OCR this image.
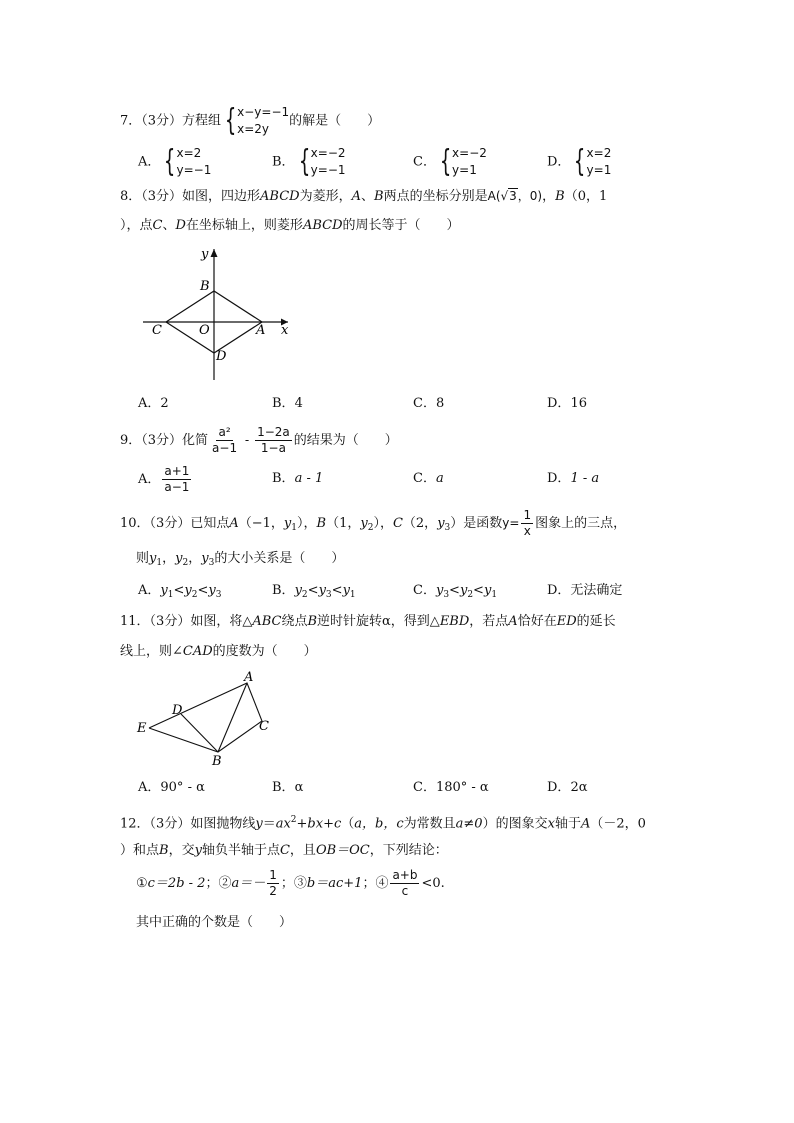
7．（3分）方程组 { x−y=−1
x=2y
的解是（　　）
A． { x=2
y=−1
B． { x=−2
y=−1
C． { x=−2
y=1
D． { x=2
y=1
8．（3分）如图，四边形ABCD为菱形，A、B两点的坐标分别是A(√3，0)，B（0，1
），点C、D在坐标轴上，则菱形ABCD的周长等于（　　）
y
x
B
C	O	A
D
A．2	B．4	C．8	D．16
9．（3分）化简 $\frac{\text{a²}}{a-1} - \frac{1-2a}{1-a}$ 的结果为（　　）
A． $\frac{a+1}{a-1}$	B．a - 1	C．a	D．1 - a
10．（3分）已知点A（−1，$y_1$），B（1，$y_2$），C（2，$y_3$）是函数$y= \frac{1}{x}$ 图象上的三点，
则$y_1$，$y_2$，$y_3$的大小关系是（　　）
A．$y_1<y_2<y_3$	B．$y_2<y_3<y_1$	C．$y_3<y_2<y_1$	D．无法确定
11．（3分）如图，将△ABC绕点B逆时针旋转α，得到△EBD，若点A恰好在ED的延长
线上，则∠CAD的度数为（　　）
A
D
E	C
B
A．90° - α	B．α	C．180° - α	D．2α
12．（3分）如图抛物线$y=ax^2+bx+c(a$，b，c为常数且a≠0）的图象交x轴于A（－2，0
）和点B，交y轴负半轴于点C，且OB＝OC，下列结论：
①c＝2b - 2；②a＝－ $\frac{1}{2}$ ；③b＝ac+1；④ $\frac{a+b}{c} <0$.
其中正确的个数是（　　）
